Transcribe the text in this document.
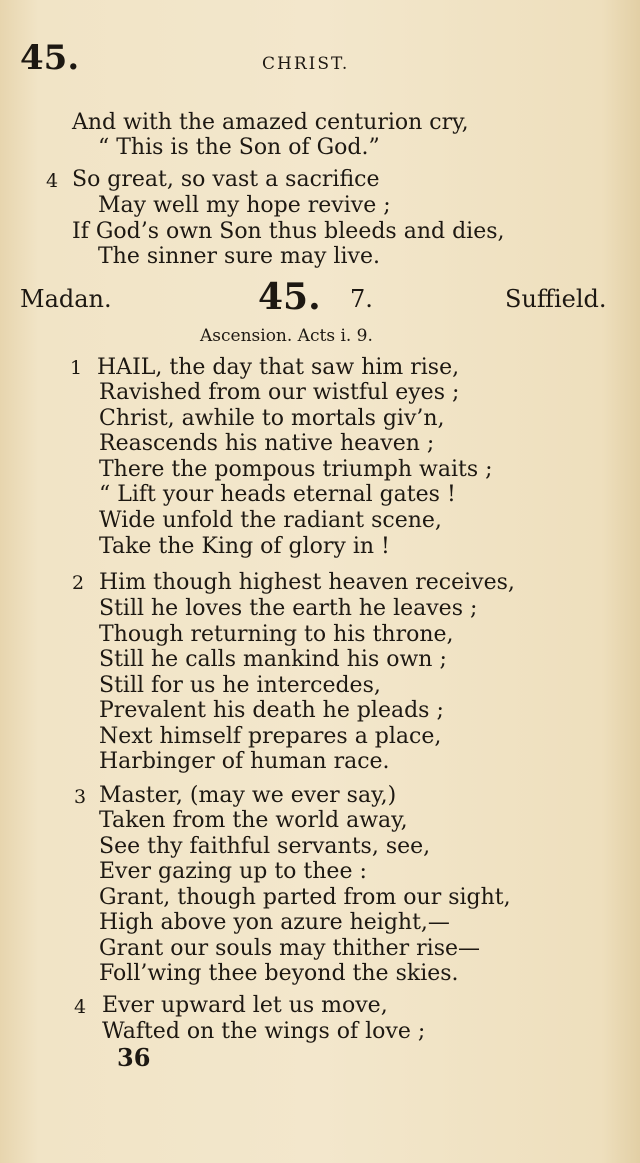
45.	CHRIST.
And with the amazed centurion cry,
“ This is the Son of God.”
4 So great, so vast a sacrifice
May well my hope revive ;
If God’s own Son thus bleeds and dies,
The sinner sure may live.
Madan.	45. 7.	Suffield.
Ascension. Acts i. 9.
1 HAIL, the day that saw him rise,
Ravished from our wistful eyes ;
Christ, awhile to mortals giv’n,
Reascends his native heaven ;
There the pompous triumph waits ;
“ Lift your heads eternal gates !
Wide unfold the radiant scene,
Take the King of glory in !
2 Him though highest heaven receives,
Still he loves the earth he leaves ;
Though returning to his throne,
Still he calls mankind his own ;
Still for us he intercedes,
Prevalent his death he pleads ;
Next himself prepares a place,
Harbinger of human race.
3 Master, (may we ever say,)
Taken from the world away,
See thy faithful servants, see,
Ever gazing up to thee :
Grant, though parted from our sight,
High above yon azure height,—
Grant our souls may thither rise—
Foll’wing thee beyond the skies.
4 Ever upward let us move,
Wafted on the wings of love ;
36
